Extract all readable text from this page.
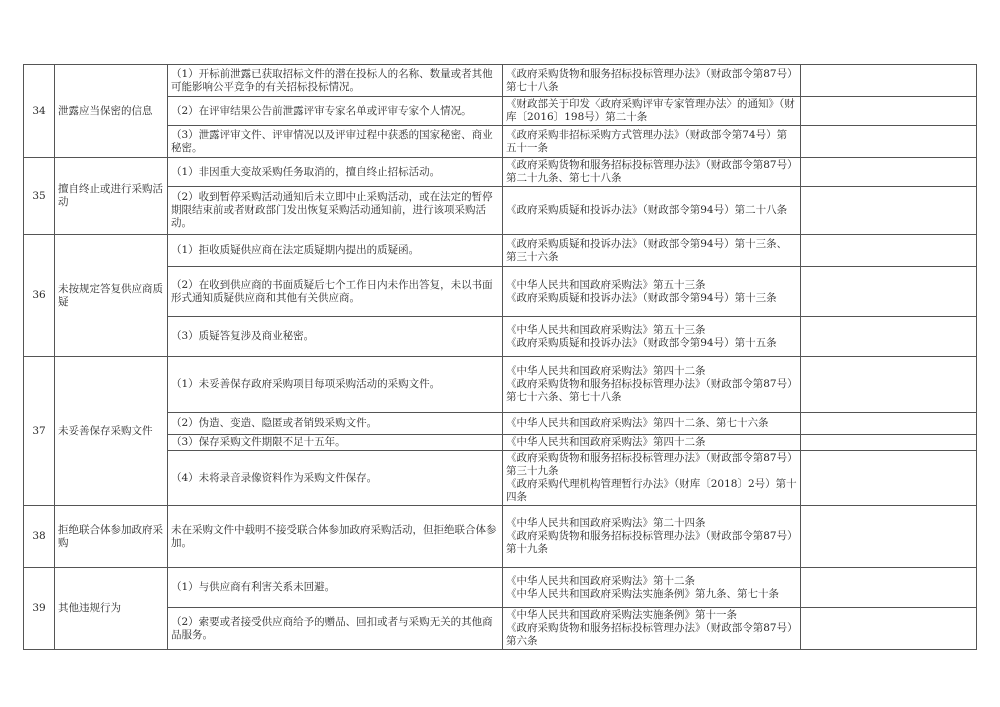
34	泄露应当保密的信息	（1）开标前泄露已获取招标文件的潜在投标人的名称、数量或者其他可能影响公平竞争的有关招标投标情况。	《政府采购货物和服务招标投标管理办法》（财政部令第87号）第七十八条	

		（2）在评审结果公告前泄露评审专家名单或评审专家个人情况。	《财政部关于印发〈政府采购评审专家管理办法〉的通知》（财库〔2016〕198号）第二十条	

		（3）泄露评审文件、评审情况以及评审过程中获悉的国家秘密、商业秘密。	《政府采购非招标采购方式管理办法》（财政部令第74号）第五十一条	

35	擅自终止或进行采购活动	（1）非因重大变故采购任务取消的，擅自终止招标活动。	《政府采购货物和服务招标投标管理办法》（财政部令第87号）第二十九条、第七十八条	

		（2）收到暂停采购活动通知后未立即中止采购活动，或在法定的暂停期限结束前或者财政部门发出恢复采购活动通知前，进行该项采购活动。	《政府采购质疑和投诉办法》（财政部令第94号）第二十八条	

36	未按规定答复供应商质疑	（1）拒收质疑供应商在法定质疑期内提出的质疑函。	《政府采购质疑和投诉办法》（财政部令第94号）第十三条、第三十六条	

		（2）在收到供应商的书面质疑后七个工作日内未作出答复，未以书面形式通知质疑供应商和其他有关供应商。	《中华人民共和国政府采购法》第五十三条
《政府采购质疑和投诉办法》（财政部令第94号）第十三条	

		（3）质疑答复涉及商业秘密。	《中华人民共和国政府采购法》第五十三条
《政府采购质疑和投诉办法》（财政部令第94号）第十五条	

37	未妥善保存采购文件	（1）未妥善保存政府采购项目每项采购活动的采购文件。	《中华人民共和国政府采购法》第四十二条
《政府采购货物和服务招标投标管理办法》（财政部令第87号）第七十六条、第七十八条	

		（2）伪造、变造、隐匿或者销毁采购文件。	《中华人民共和国政府采购法》第四十二条、第七十六条	

		（3）保存采购文件期限不足十五年。	《中华人民共和国政府采购法》第四十二条	

		（4）未将录音录像资料作为采购文件保存。	《政府采购货物和服务招标投标管理办法》（财政部令第87号）第三十九条
《政府采购代理机构管理暂行办法》（财库〔2018〕2号）第十四条	

38	拒绝联合体参加政府采购	未在采购文件中载明不接受联合体参加政府采购活动，但拒绝联合体参加。	《中华人民共和国政府采购法》第二十四条
《政府采购货物和服务招标投标管理办法》（财政部令第87号）第十九条	

39	其他违规行为	（1）与供应商有利害关系未回避。	《中华人民共和国政府采购法》第十二条
《中华人民共和国政府采购法实施条例》第九条、第七十条	

		（2）索要或者接受供应商给予的赠品、回扣或者与采购无关的其他商品服务。	《中华人民共和国政府采购法实施条例》第十一条
《政府采购货物和服务招标投标管理办法》（财政部令第87号）第六条	
